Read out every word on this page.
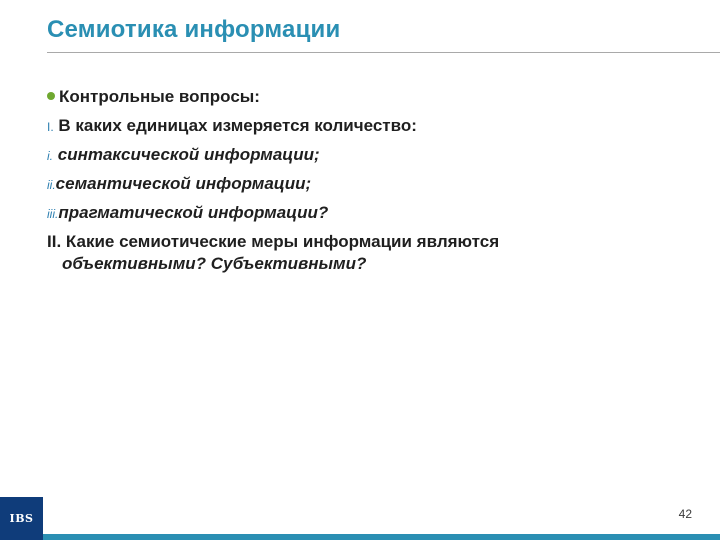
Семиотика информации
Контрольные вопросы:
I. В каких единицах измеряется количество:
i. синтаксической информации;
ii.семантической информации;
iii.прагматической информации?
II. Какие семиотические меры информации являются
объективными? Субъективными?
IBS	42
